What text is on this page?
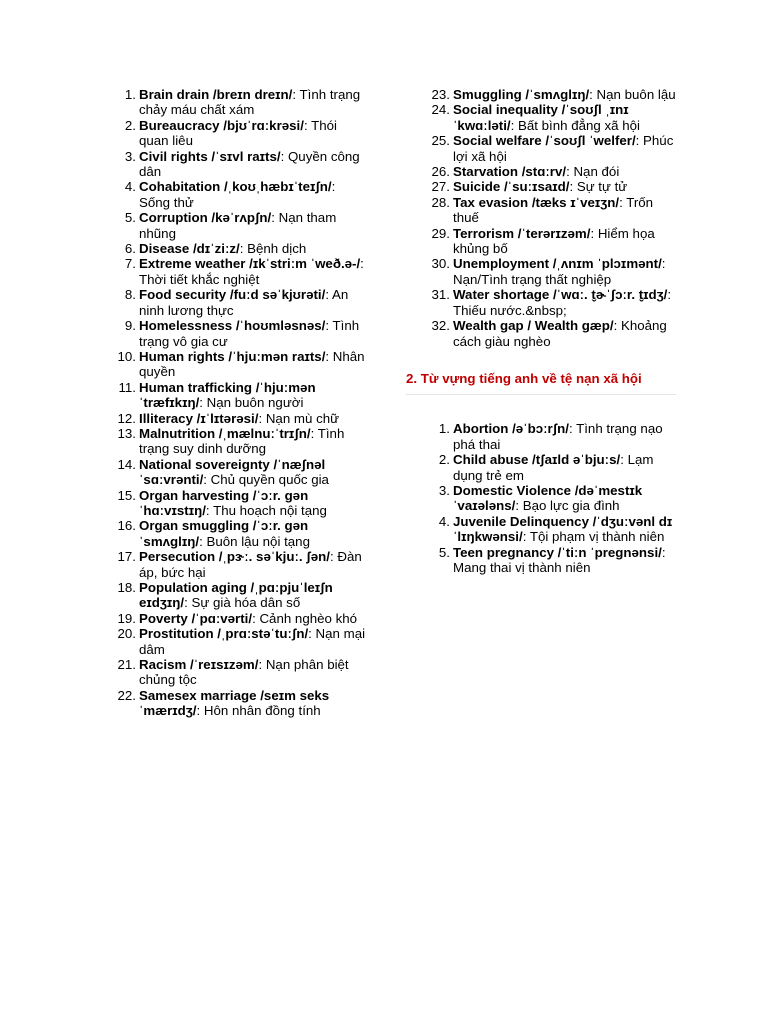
1. Brain drain /breɪn dreɪn/: Tình trạng chảy máu chất xám
2. Bureaucracy /bjʊˈrɑːkrəsi/: Thói quan liêu
3. Civil rights /ˈsɪvl raɪts/: Quyền công dân
4. Cohabitation /ˌkoʊˌhæbɪˈteɪʃn/: Sống thử
5. Corruption /kəˈrʌpʃn/: Nạn tham nhũng
6. Disease /dɪˈziːz/: Bệnh dịch
7. Extreme weather /ɪkˈstriːm ˈweð.ə-/: Thời tiết khắc nghiệt
8. Food security /fuːd səˈkjʊrəti/: An ninh lương thực
9. Homelessness /ˈhoʊmləsnəs/: Tình trạng vô gia cư
10. Human rights /ˈhjuːmən raɪts/: Nhân quyền
11. Human trafficking /ˈhjuːmən ˈtræfɪkɪŋ/: Nạn buôn người
12. Illiteracy /ɪˈlɪtərəsi/: Nạn mù chữ
13. Malnutrition /ˌmælnuːˈtrɪʃn/: Tình trạng suy dinh dưỡng
14. National sovereignty /ˈnæʃnəl ˈsɑːvrənti/: Chủ quyền quốc gia
15. Organ harvesting /ˈɔːr. gən ˈhɑːvɪstɪŋ/: Thu hoạch nội tạng
16. Organ smuggling /ˈɔːr. gən ˈsmʌɡlɪŋ/: Buôn lậu nội tạng
17. Persecution /ˌpɝː. səˈkjuː. ʃən/: Đàn áp, bức hại
18. Population aging /ˌpɑːpjuˈleɪʃn eɪdʒɪŋ/: Sự già hóa dân số
19. Poverty /ˈpɑːvərti/: Cảnh nghèo khó
20. Prostitution /ˌprɑːstəˈtuːʃn/: Nạn mại dâm
21. Racism /ˈreɪsɪzəm/: Nạn phân biệt chủng tộc
22. Samesex marriage /seɪm seks ˈmærɪdʒ/: Hôn nhân đồng tính
23. Smuggling /ˈsmʌɡlɪŋ/: Nạn buôn lậu
24. Social inequality /ˈsoʊʃl ˌɪnɪˈkwɑːləti/: Bất bình đẳng xã hội
25. Social welfare /ˈsoʊʃl ˈwelfer/: Phúc lợi xã hội
26. Starvation /stɑːrv/: Nạn đói
27. Suicide /ˈsuːɪsaɪd/: Sự tự tử
28. Tax evasion /tæks ɪˈveɪʒn/: Trốn thuế
29. Terrorism /ˈterərɪzəm/: Hiểm họa khủng bố
30. Unemployment /ˌʌnɪm ˈplɔɪmənt/: Nạn/Tình trạng thất nghiệp
31. Water shortage /ˈwɑː. t̬ɚˈʃɔːr. t̬ɪdʒ/: Thiếu nước.&nbsp;
32. Wealth gap / Wealth gæp/: Khoảng cách giàu nghèo
2. Từ vựng tiếng anh về tệ nạn xã hội
1. Abortion /əˈbɔːrʃn/: Tình trạng nạo phá thai
2. Child abuse /tʃaɪld əˈbjuːs/: Lạm dụng trẻ em
3. Domestic Violence /dəˈmestɪk ˈvaɪələns/: Bạo lực gia đình
4. Juvenile Delinquency /ˈdʒuːvənl dɪˈlɪŋkwənsi/: Tội phạm vị thành niên
5. Teen pregnancy /ˈtiːn ˈpregnənsi/: Mang thai vị thành niên
